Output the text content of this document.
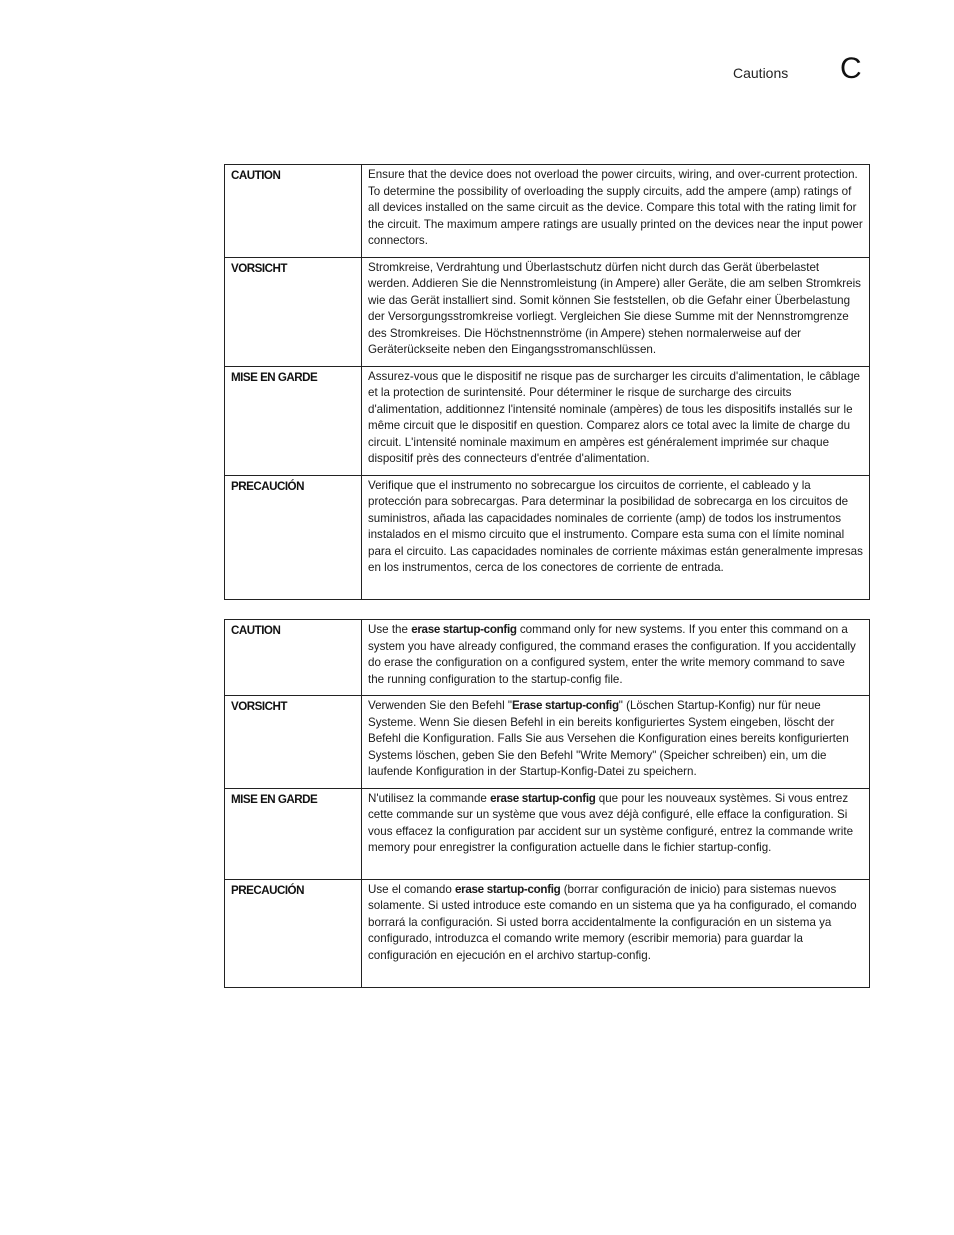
Cautions C
CAUTION	Ensure that the device does not overload the power circuits, wiring, and over-current protection. To determine the possibility of overloading the supply circuits, add the ampere (amp) ratings of all devices installed on the same circuit as the device. Compare this total with the rating limit for the circuit. The maximum ampere ratings are usually printed on the devices near the input power connectors.
VORSICHT	Stromkreise, Verdrahtung und Überlastschutz dürfen nicht durch das Gerät überbelastet werden. Addieren Sie die Nennstromleistung (in Ampere) aller Geräte, die am selben Stromkreis wie das Gerät installiert sind. Somit können Sie feststellen, ob die Gefahr einer Überbelastung der Versorgungsstromkreise vorliegt. Vergleichen Sie diese Summe mit der Nennstromgrenze des Stromkreises. Die Höchstnennströme (in Ampere) stehen normalerweise auf der Geräterückseite neben den Eingangsstromanschlüssen.
MISE EN GARDE	Assurez-vous que le dispositif ne risque pas de surcharger les circuits d'alimentation, le câblage et la protection de surintensité. Pour déterminer le risque de surcharge des circuits d'alimentation, additionnez l'intensité nominale (ampères) de tous les dispositifs installés sur le même circuit que le dispositif en question. Comparez alors ce total avec la limite de charge du circuit. L'intensité nominale maximum en ampères est généralement imprimée sur chaque dispositif près des connecteurs d'entrée d'alimentation.
PRECAUCIÓN	Verifique que el instrumento no sobrecargue los circuitos de corriente, el cableado y la protección para sobrecargas. Para determinar la posibilidad de sobrecarga en los circuitos de suministros, añada las capacidades nominales de corriente (amp) de todos los instrumentos instalados en el mismo circuito que el instrumento. Compare esta suma con el límite nominal para el circuito. Las capacidades nominales de corriente máximas están generalmente impresas en los instrumentos, cerca de los conectores de corriente de entrada.
CAUTION	Use the erase startup-config command only for new systems. If you enter this command on a system you have already configured, the command erases the configuration. If you accidentally do erase the configuration on a configured system, enter the write memory command to save the running configuration to the startup-config file.
VORSICHT	Verwenden Sie den Befehl "Erase startup-config" (Löschen Startup-Konfig) nur für neue Systeme. Wenn Sie diesen Befehl in ein bereits konfiguriertes System eingeben, löscht der Befehl die Konfiguration. Falls Sie aus Versehen die Konfiguration eines bereits konfigurierten Systems löschen, geben Sie den Befehl "Write Memory" (Speicher schreiben) ein, um die laufende Konfiguration in der Startup-Konfig-Datei zu speichern.
MISE EN GARDE	N'utilisez la commande erase startup-config que pour les nouveaux systèmes. Si vous entrez cette commande sur un système que vous avez déjà configuré, elle efface la configuration. Si vous effacez la configuration par accident sur un système configuré, entrez la commande write memory pour enregistrer la configuration actuelle dans le fichier startup-config.
PRECAUCIÓN	Use el comando erase startup-config (borrar configuración de inicio) para sistemas nuevos solamente. Si usted introduce este comando en un sistema que ya ha configurado, el comando borrará la configuración. Si usted borra accidentalmente la configuración en un sistema ya configurado, introduzca el comando write memory (escribir memoria) para guardar la configuración en ejecución en el archivo startup-config.
